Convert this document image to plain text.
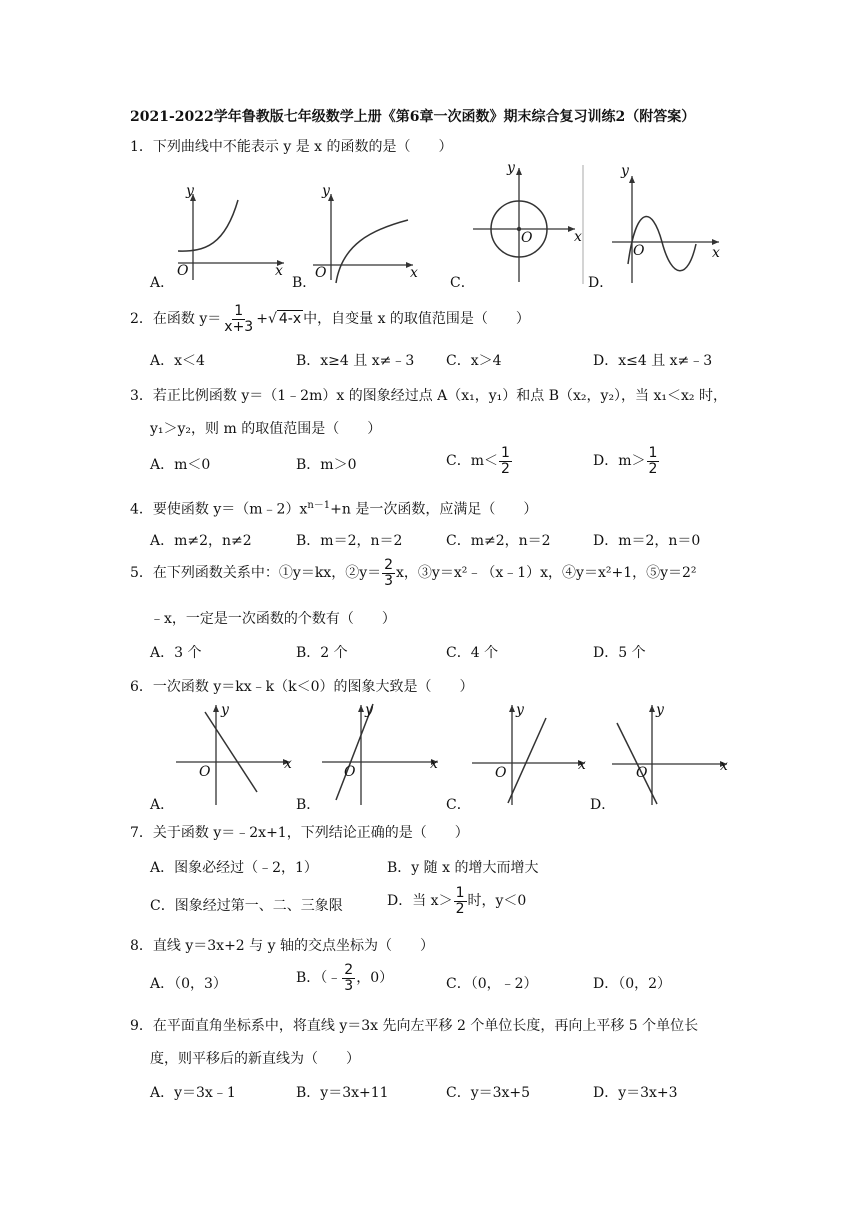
2021-2022学年鲁教版七年级数学上册《第6章一次函数》期末综合复习训练2（附答案）
1．下列曲线中不能表示 y 是 x 的函数的是（　　）
y
O	x
y
O	x
y
O	x
y
O	x
A．	B．	C．	D．
2．在函数 $y= \frac{1}{x+3}$ +√ 4-x 中，自变量 x 的取值范围是（　　）
A．x＜4	B．x≥4 且 x≠﹣3 C．x＞4	D．x≤4 且 x≠﹣3
3．若正比例函数 y＝（1﹣2m）x 的图象经过点 A（x₁，y₁）和点 B（x₂，y₂），当 x₁＜x₂ 时，
y₁＞y₂，则 m 的取值范围是（　　）
A．m＜0	B．m＞0	C．$m< \frac{1}{2}$	D．$m> \frac{1}{2}$
4．要使函数 $y=(m﹣2)x^{n-1}+n$ 是一次函数，应满足（　　）
A．m≠2，n≠2	B．m＝2，n＝2	C．m≠2，n＝2	D．m＝2，n＝0
5．在下列函数关系中：①y＝kx，②y＝ $\frac{2}{3}$ x，③y＝x²﹣（x﹣1）x，④y＝x²+1，⑤y＝2²
﹣x，一定是一次函数的个数有（　　）
A．3 个	B．2 个	C．4 个	D．5 个
6．一次函数 y＝kx﹣k（k＜0）的图象大致是（　　）
y
O	x
y
O	x
y
O	x
y
O	x
A．	B．	C．	D．
7．关于函数 y＝﹣2x+1，下列结论正确的是（　　）
A．图象必经过（﹣2，1）	B．y 随 x 的增大而增大
C．图象经过第一、二、三象限	D．当 $x> \frac{1}{2}$ 时，y＜0
8．直线 y＝3x+2 与 y 轴的交点坐标为（　　）
A．（0，3）	B．（﹣ $\frac{2}{3}$ ，0）	C．（0，﹣2）	D．（0，2）
9．在平面直角坐标系中，将直线 y＝3x 先向左平移 2 个单位长度，再向上平移 5 个单位长
度，则平移后的新直线为（　　）
A．y＝3x﹣1	B．y＝3x+11	C．y＝3x+5	D．y＝3x+3
